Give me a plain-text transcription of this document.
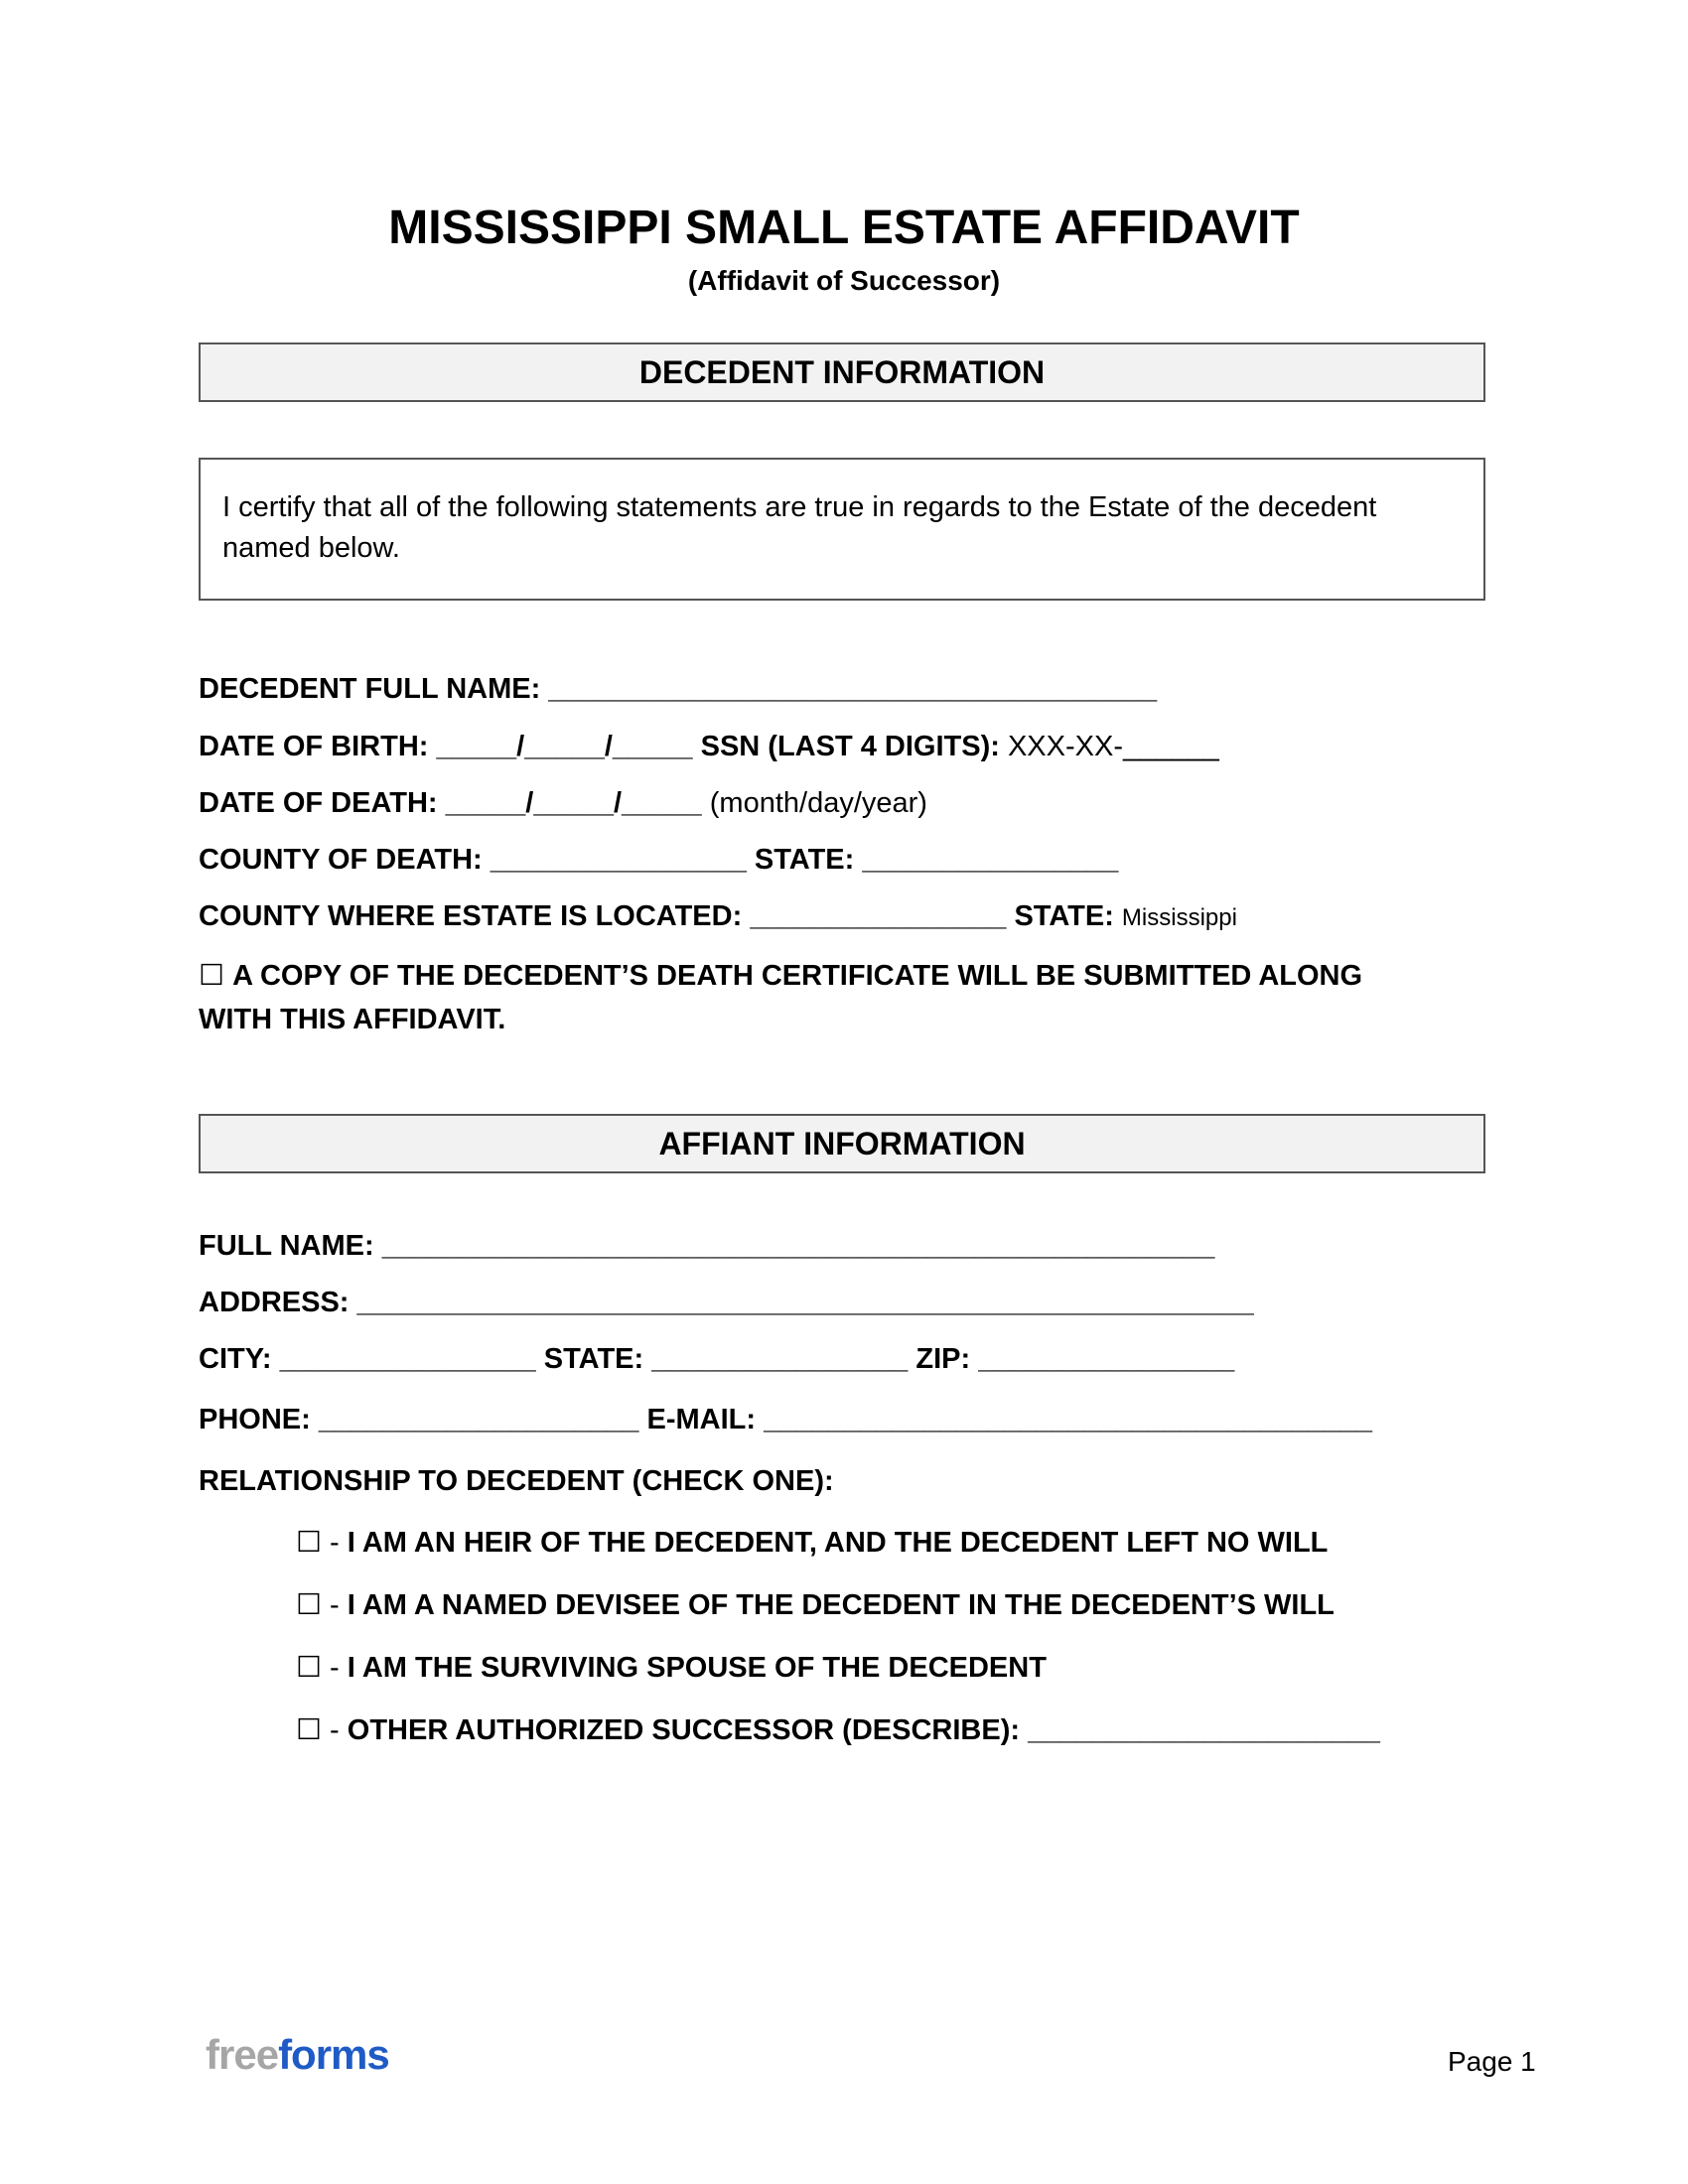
MISSISSIPPI SMALL ESTATE AFFIDAVIT
(Affidavit of Successor)
DECEDENT INFORMATION
I certify that all of the following statements are true in regards to the Estate of the decedent named below.
DECEDENT FULL NAME: ______________________________________
DATE OF BIRTH: _____/_____/_____ SSN (LAST 4 DIGITS): XXX-XX-______
DATE OF DEATH: _____/_____/_____ (month/day/year)
COUNTY OF DEATH: ________________ STATE: ________________
COUNTY WHERE ESTATE IS LOCATED: ________________ STATE: Mississippi
☐ A COPY OF THE DECEDENT’S DEATH CERTIFICATE WILL BE SUBMITTED ALONG
WITH THIS AFFIDAVIT.
AFFIANT INFORMATION
FULL NAME: ____________________________________________________
ADDRESS: ________________________________________________________
CITY: ________________ STATE: ________________ ZIP: ________________
PHONE: ____________________ E-MAIL: ______________________________________
RELATIONSHIP TO DECEDENT (CHECK ONE):
☐ - I AM AN HEIR OF THE DECEDENT, AND THE DECEDENT LEFT NO WILL
☐ - I AM A NAMED DEVISEE OF THE DECEDENT IN THE DECEDENT’S WILL
☐ - I AM THE SURVIVING SPOUSE OF THE DECEDENT
☐ - OTHER AUTHORIZED SUCCESSOR (DESCRIBE): ______________________
freeforms	Page 1
